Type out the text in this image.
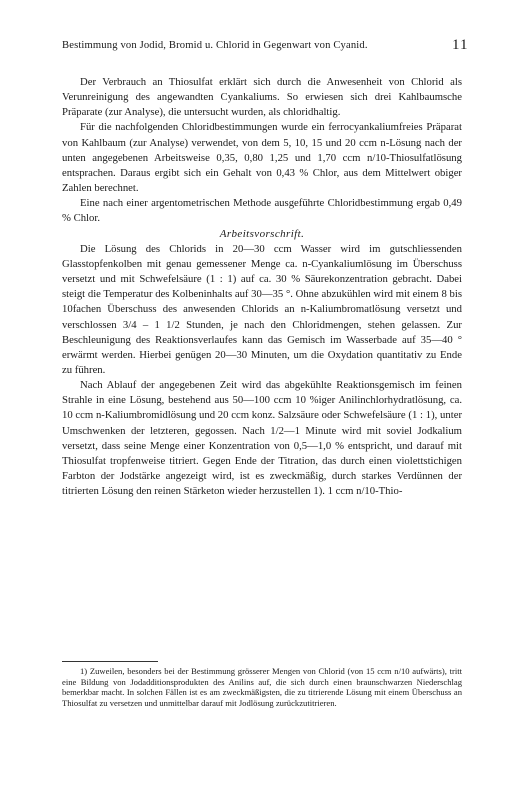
Bestimmung von Jodid, Bromid u. Chlorid in Gegenwart von Cyanid.	11

Der Verbrauch an Thiosulfat erklärt sich durch die Anwesenheit von Chlorid als Verunreinigung des angewandten Cyankaliums. So erwiesen sich drei Kahlbaumsche Präparate (zur Analyse), die untersucht wurden, als chloridhaltig.

Für die nachfolgenden Chloridbestimmungen wurde ein ferrocyankaliumfreies Präparat von Kahlbaum (zur Analyse) verwendet, von dem 5, 10, 15 und 20 ccm n-Lösung nach der unten angegebenen Arbeitsweise 0,35, 0,80 1,25 und 1,70 ccm n/10-Thiosulfatlösung entsprachen. Daraus ergibt sich ein Gehalt von 0,43 % Chlor, aus dem Mittelwert obiger Zahlen berechnet.

Eine nach einer argentometrischen Methode ausgeführte Chloridbestimmung ergab 0,49 % Chlor.

Arbeitsvorschrift.

Die Lösung des Chlorids in 20—30 ccm Wasser wird im gutschliessenden Glasstopfenkolben mit genau gemessener Menge ca. n-Cyankaliumlösung im Überschuss versetzt und mit Schwefelsäure (1 : 1) auf ca. 30 % Säurekonzentration gebracht. Dabei steigt die Temperatur des Kolbeninhalts auf 30—35 °. Ohne abzukühlen wird mit einem 8 bis 10fachen Überschuss des anwesenden Chlorids an n-Kaliumbromatlösung versetzt und verschlossen 3/4 – 1 1/2 Stunden, je nach den Chloridmengen, stehen gelassen. Zur Beschleunigung des Reaktionsverlaufes kann das Gemisch im Wasserbade auf 35—40 ° erwärmt werden. Hierbei genügen 20—30 Minuten, um die Oxydation quantitativ zu Ende zu führen.

Nach Ablauf der angegebenen Zeit wird das abgekühlte Reaktionsgemisch im feinen Strahle in eine Lösung, bestehend aus 50—100 ccm 10 %iger Anilinchlorhydratlösung, ca. 10 ccm n-Kaliumbromidlösung und 20 ccm konz. Salzsäure oder Schwefelsäure (1 : 1), unter Umschwenken der letzteren, gegossen. Nach 1/2—1 Minute wird mit soviel Jodkalium versetzt, dass seine Menge einer Konzentration von 0,5—1,0 % entspricht, und darauf mit Thiosulfat tropfenweise titriert. Gegen Ende der Titration, das durch einen violettstichigen Farbton der Jodstärke angezeigt wird, ist es zweckmäßig, durch starkes Verdünnen der titrierten Lösung den reinen Stärketon wieder herzustellen 1). 1 ccm n/10-Thio-

1) Zuweilen, besonders bei der Bestimmung grösserer Mengen von Chlorid (von 15 ccm n/10 aufwärts), tritt eine Bildung von Jodadditionsprodukten des Anilins auf, die sich durch einen braunschwarzen Niederschlag bemerkbar macht. In solchen Fällen ist es am zweckmäßigsten, die zu titrierende Lösung mit einem Überschuss an Thiosulfat zu versetzen und unmittelbar darauf mit Jodlösung zurückzutitrieren.
